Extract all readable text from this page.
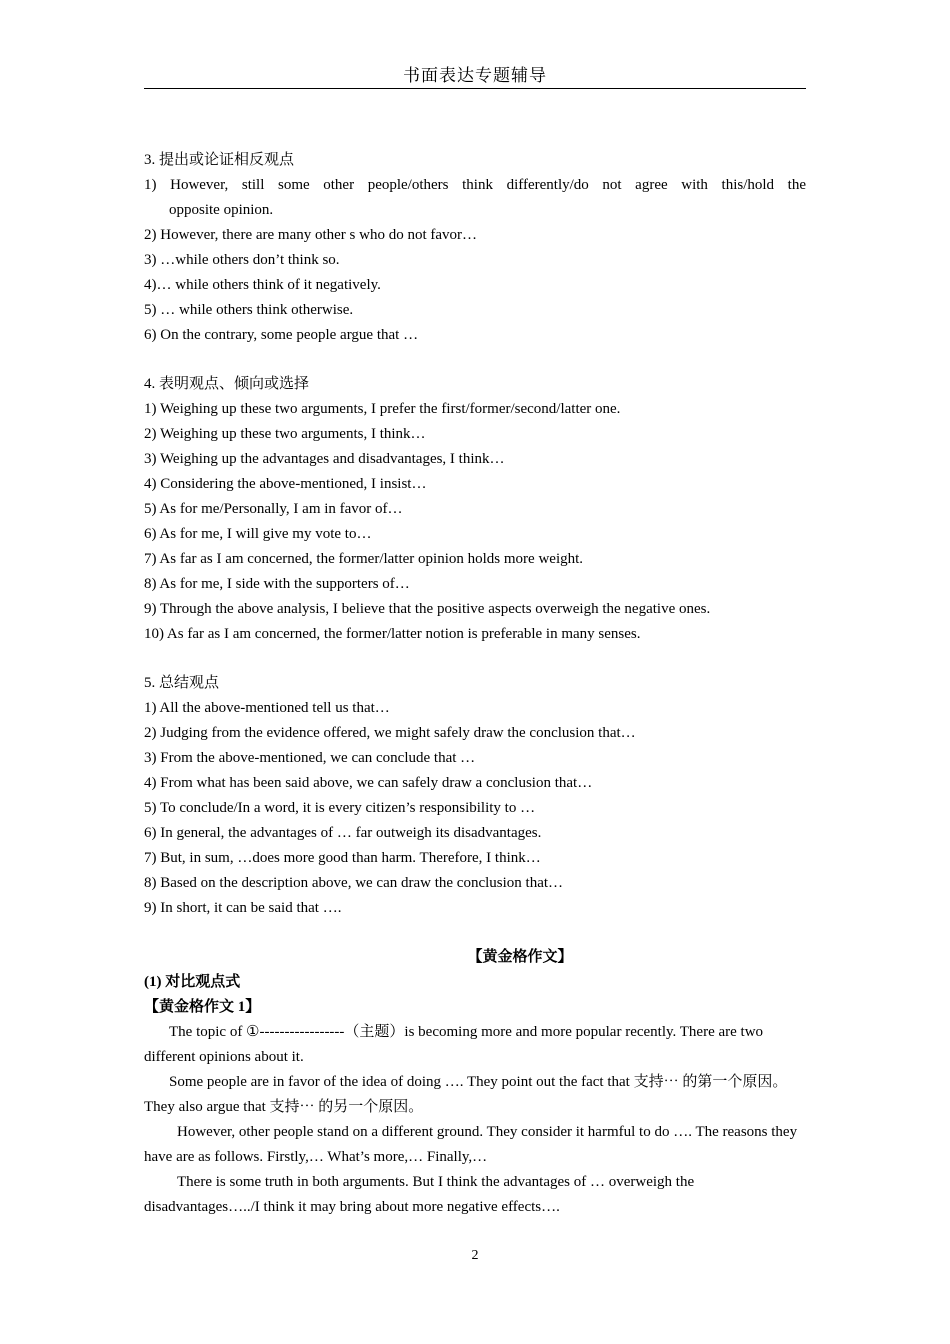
书面表达专题辅导
3. 提出或论证相反观点
1) However, still some other people/others think differently/do not agree with this/hold the
opposite opinion.
2) However, there are many other s who do not favor…
3) …while others don’t think so.
4)… while others think of it negatively.
5) … while others think otherwise.
6) On the contrary, some people argue that …
4. 表明观点、倾向或选择
1) Weighing up these two arguments, I prefer the first/former/second/latter one.
2) Weighing up these two arguments, I think…
3) Weighing up the advantages and disadvantages, I think…
4) Considering the above-mentioned, I insist…
5) As for me/Personally, I am in favor of…
6) As for me, I will give my vote to…
7) As far as I am concerned, the former/latter opinion holds more weight.
8) As for me, I side with the supporters of…
9) Through the above analysis, I believe that the positive aspects overweigh the negative ones.
10) As far as I am concerned, the former/latter notion is preferable in many senses.
5. 总结观点
1) All the above-mentioned tell us that…
2) Judging from the evidence offered, we might safely draw the conclusion that…
3) From the above-mentioned, we can conclude that …
4) From what has been said above, we can safely draw a conclusion that…
5) To conclude/In a word, it is every citizen’s responsibility to …
6) In general, the advantages of … far outweigh its disadvantages.
7) But, in sum, …does more good than harm. Therefore, I think…
8) Based on the description above, we can draw the conclusion that…
9) In short, it can be said that ….
【黄金格作文】
(1) 对比观点式
【黄金格作文 1】
The topic of ①-----------------（主题）is becoming more and more popular recently. There are two different opinions about it.
Some people are in favor of the idea of doing …. They point out the fact that 支持⋯ 的第一个原因。They also argue that 支持⋯ 的另一个原因。
However, other people stand on a different ground. They consider it harmful to do …. The reasons they have are as follows. Firstly,… What’s more,… Finally,…
There is some truth in both arguments. But I think the advantages of … overweigh the disadvantages…../I think it may bring about more negative effects….
2
